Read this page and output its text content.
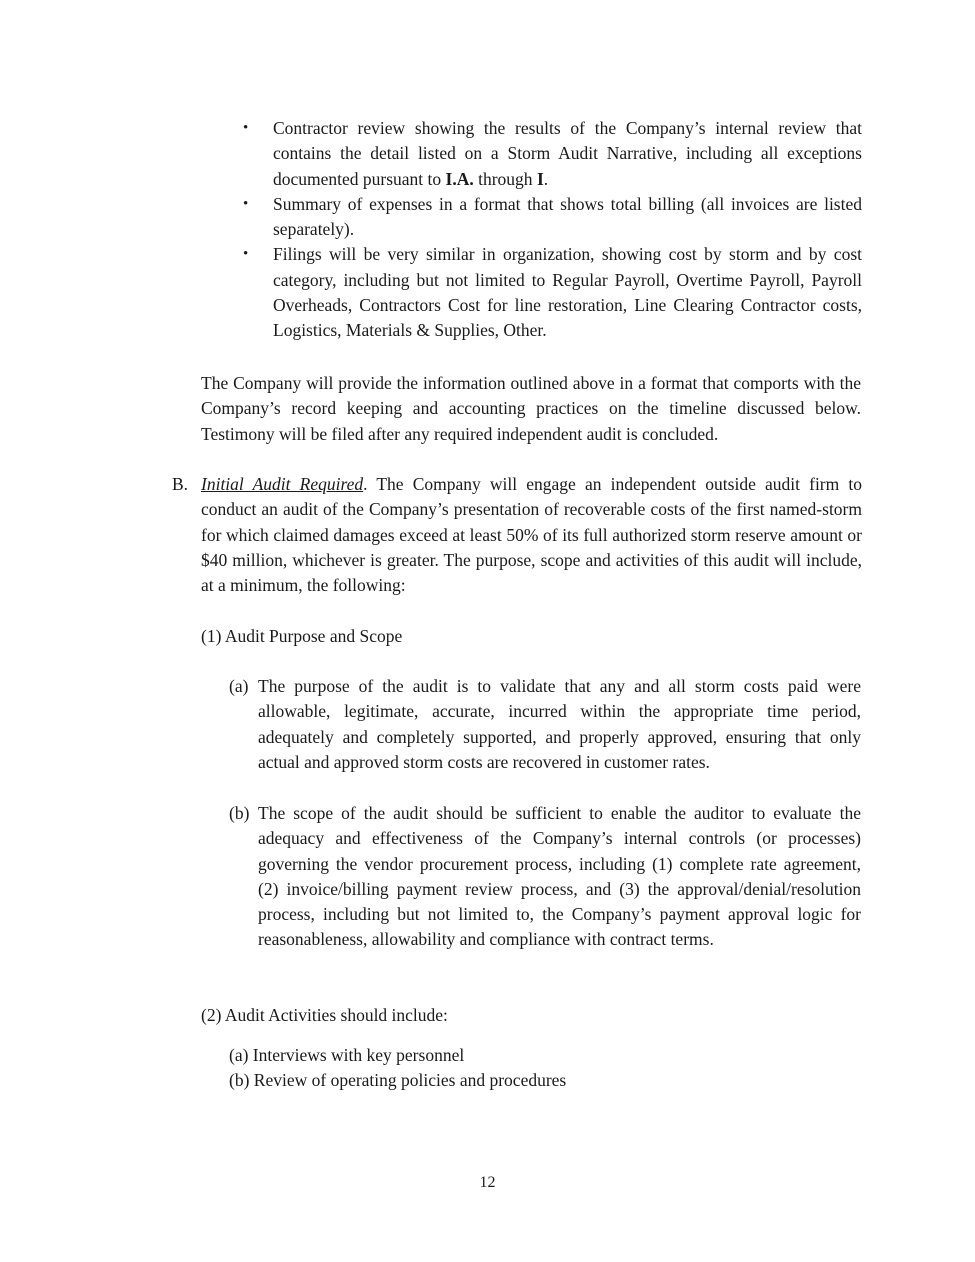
• Contractor review showing the results of the Company’s internal review that contains the detail listed on a Storm Audit Narrative, including all exceptions documented pursuant to I.A. through I.
• Summary of expenses in a format that shows total billing (all invoices are listed separately).
• Filings will be very similar in organization, showing cost by storm and by cost category, including but not limited to Regular Payroll, Overtime Payroll, Payroll Overheads, Contractors Cost for line restoration, Line Clearing Contractor costs, Logistics, Materials & Supplies, Other.

The Company will provide the information outlined above in a format that comports with the Company’s record keeping and accounting practices on the timeline discussed below. Testimony will be filed after any required independent audit is concluded.

B. Initial Audit Required. The Company will engage an independent outside audit firm to conduct an audit of the Company’s presentation of recoverable costs of the first named-storm for which claimed damages exceed at least 50% of its full authorized storm reserve amount or $40 million, whichever is greater. The purpose, scope and activities of this audit will include, at a minimum, the following:

(1) Audit Purpose and Scope

(a) The purpose of the audit is to validate that any and all storm costs paid were allowable, legitimate, accurate, incurred within the appropriate time period, adequately and completely supported, and properly approved, ensuring that only actual and approved storm costs are recovered in customer rates.
(b) The scope of the audit should be sufficient to enable the auditor to evaluate the adequacy and effectiveness of the Company’s internal controls (or processes) governing the vendor procurement process, including (1) complete rate agreement, (2) invoice/billing payment review process, and (3) the approval/denial/resolution process, including but not limited to, the Company’s payment approval logic for reasonableness, allowability and compliance with contract terms.

(2) Audit Activities should include:

(a) Interviews with key personnel

(b) Review of operating policies and procedures

12
